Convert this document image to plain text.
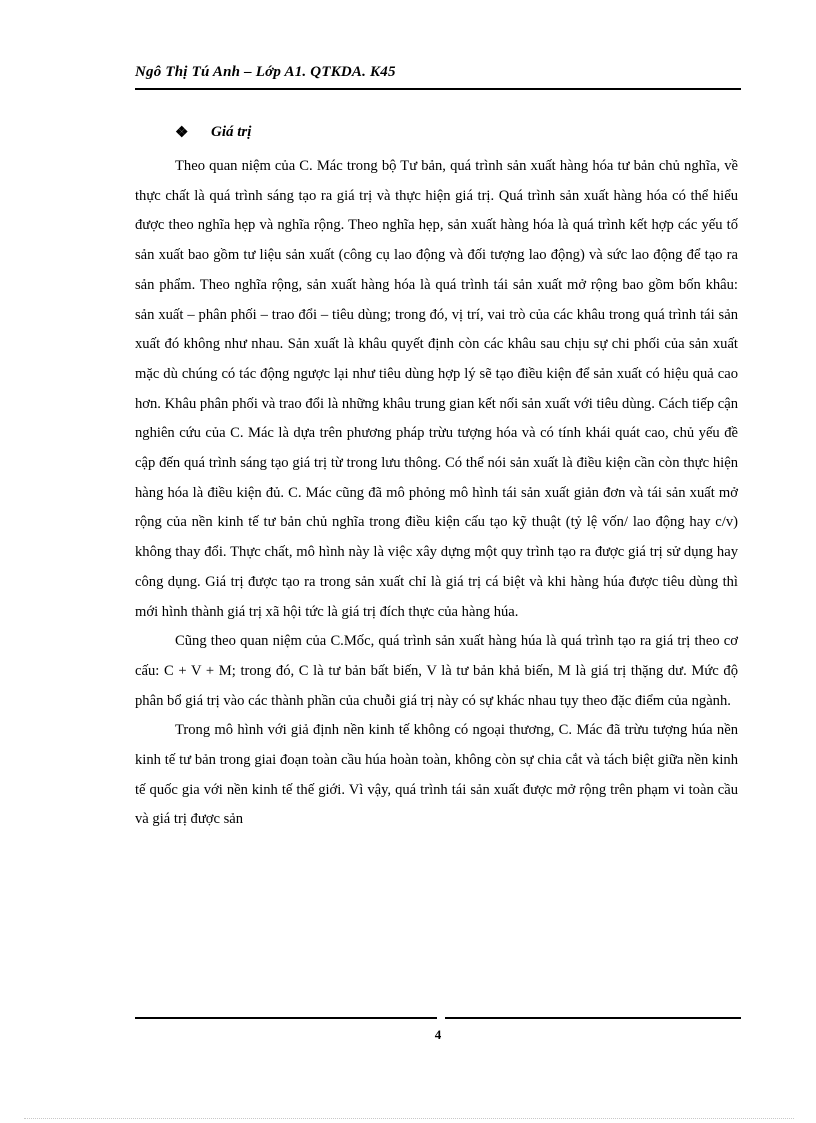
Ngô Thị Tú Anh – Lớp A1. QTKDA. K45
❖ Giá trị

Theo quan niệm của C. Mác trong bộ Tư bản, quá trình sản xuất hàng hóa tư bản chủ nghĩa, về thực chất là quá trình sáng tạo ra giá trị và thực hiện giá trị. Quá trình sản xuất hàng hóa có thể hiểu được theo nghĩa hẹp và nghĩa rộng. Theo nghĩa hẹp, sản xuất hàng hóa là quá trình kết hợp các yếu tố sản xuất bao gồm tư liệu sản xuất (công cụ lao động và đối tượng lao động) và sức lao động để tạo ra sản phẩm. Theo nghĩa rộng, sản xuất hàng hóa là quá trình tái sản xuất mở rộng bao gồm bốn khâu: sản xuất – phân phối – trao đổi – tiêu dùng; trong đó, vị trí, vai trò của các khâu trong quá trình tái sản xuất đó không như nhau. Sản xuất là khâu quyết định còn các khâu sau chịu sự chi phối của sản xuất mặc dù chúng có tác động ngược lại như tiêu dùng hợp lý sẽ tạo điều kiện để sản xuất có hiệu quả cao hơn. Khâu phân phối và trao đổi là những khâu trung gian kết nối sản xuất với tiêu dùng. Cách tiếp cận nghiên cứu của C. Mác là dựa trên phương pháp trừu tượng hóa và có tính khái quát cao, chủ yếu đề cập đến quá trình sáng tạo giá trị từ trong lưu thông. Có thể nói sản xuất là điều kiện cần còn thực hiện hàng hóa là điều kiện đủ. C. Mác cũng đã mô phỏng mô hình tái sản xuất giản đơn và tái sản xuất mở rộng của nền kinh tế tư bản chủ nghĩa trong điều kiện cấu tạo kỹ thuật (tỷ lệ vốn/ lao động hay c/v) không thay đổi. Thực chất, mô hình này là việc xây dựng một quy trình tạo ra được giá trị sử dụng hay công dụng. Giá trị được tạo ra trong sản xuất chỉ là giá trị cá biệt và khi hàng húa được tiêu dùng thì mới hình thành giá trị xã hội tức là giá trị đích thực của hàng húa.

Cũng theo quan niệm của C.Mốc, quá trình sản xuất hàng húa là quá trình tạo ra giá trị theo cơ cấu: C + V + M; trong đó, C là tư bản bất biến, V là tư bản khả biến, M là giá trị thặng dư. Mức độ phân bổ giá trị vào các thành phần của chuỗi giá trị này có sự khác nhau tụy theo đặc điểm của ngành.

Trong mô hình với giả định nền kinh tế không có ngoại thương, C. Mác đã trừu tượng húa nền kinh tế tư bản trong giai đoạn toàn cầu húa hoàn toàn, không còn sự chia cắt và tách biệt giữa nền kinh tế quốc gia với nền kinh tế thế giới. Vì vậy, quá trình tái sản xuất được mở rộng trên phạm vi toàn cầu và giá trị được sản

4
